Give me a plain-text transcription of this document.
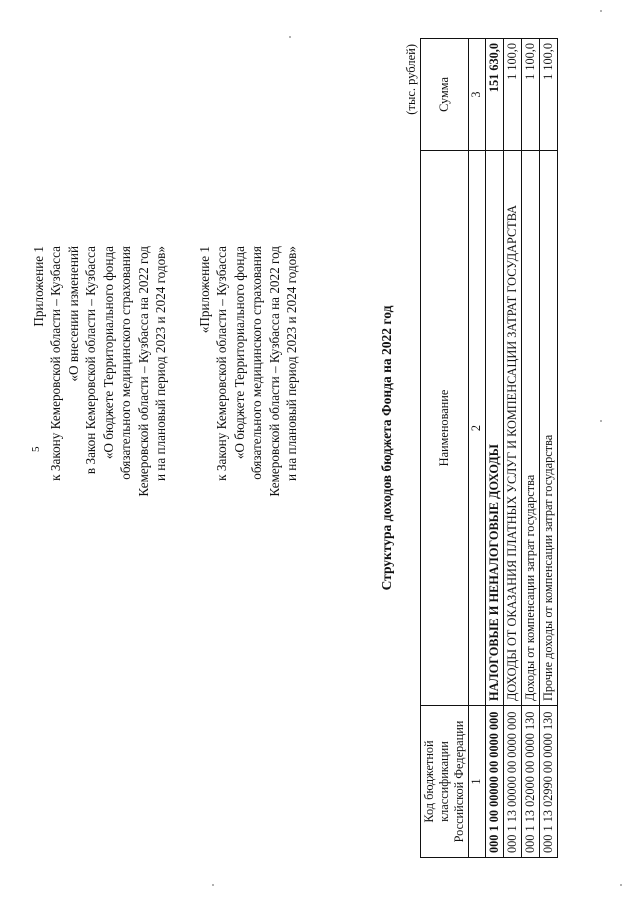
5
Приложение 1 к Закону Кемеровской области – Кузбасса «О внесении изменений в Закон Кемеровской области – Кузбасса «О бюджете Территориального фонда обязательного медицинского страхования Кемеровской области – Кузбасса на 2022 год и на плановый период 2023 и 2024 годов» «Приложение 1 к Закону Кемеровской области – Кузбасса «О бюджете Территориального фонда обязательного медицинского страхования Кемеровской области – Кузбасса на 2022 год и на плановый период 2023 и 2024 годов»	Структура доходов бюджета Фонда на 2022 год
(тыс. рублей)
Код бюджетной классификации Российской Федерации	Наименование	Сумма
1	2	3
000 1 00 00000 00 0000 000	НАЛОГОВЫЕ И НЕНАЛОГОВЫЕ ДОХОДЫ	151 630,0
000 1 13 00000 00 0000 000	ДОХОДЫ ОТ ОКАЗАНИЯ ПЛАТНЫХ УСЛУГ И КОМПЕНСАЦИИ ЗАТРАТ ГОСУДАРСТВА	1 100,0
000 1 13 02000 00 0000 130	Доходы от компенсации затрат государства	1 100,0
000 1 13 02990 00 0000 130	Прочие доходы от компенсации затрат государства	1 100,0
